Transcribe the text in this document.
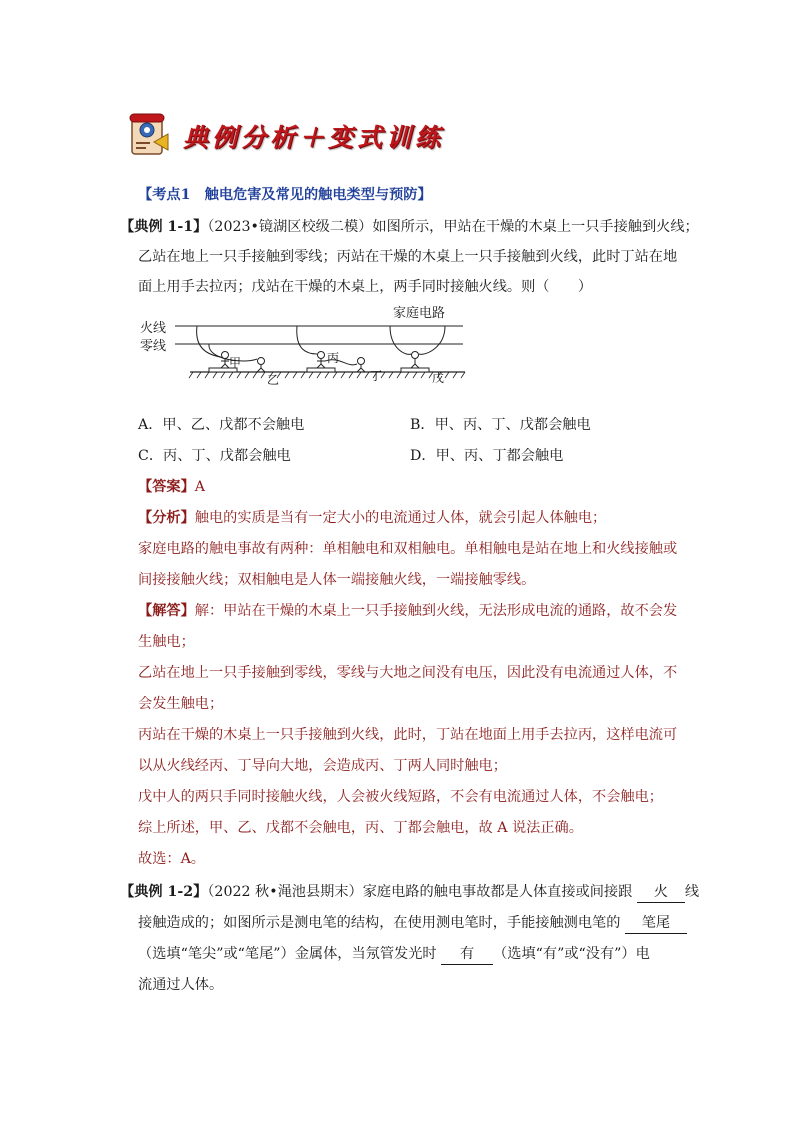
典例分析＋变式训练
【考点1　 触电危害及常见的触电类型与预防】
【典例 1-1】（2023•镜湖区校级二模）如图所示，甲站在干燥的木桌上一只手接触到火线；
乙站在地上一只手接触到零线；丙站在干燥的木桌上一只手接触到火线，此时丁站在地
面上用手去拉丙；戊站在干燥的木桌上，两手同时接触火线。则（　　）
火线
零线
家庭电路
甲
乙
丙
丁	戊
A．甲、乙、戊都不会触电	B．甲、丙、丁、戊都会触电
C．丙、丁、戊都会触电	D．甲、丙、丁都会触电
【答案】A
【分析】触电的实质是当有一定大小的电流通过人体，就会引起人体触电；
家庭电路的触电事故有两种：单相触电和双相触电。单相触电是站在地上和火线接触或
间接接触火线；双相触电是人体一端接触火线，一端接触零线。
【解答】解：甲站在干燥的木桌上一只手接触到火线，无法形成电流的通路，故不会发
生触电；
乙站在地上一只手接触到零线，零线与大地之间没有电压，因此没有电流通过人体，不
会发生触电；
丙站在干燥的木桌上一只手接触到火线，此时，丁站在地面上用手去拉丙，这样电流可
以从火线经丙、丁导向大地，会造成丙、丁两人同时触电；
戊中人的两只手同时接触火线，人会被火线短路，不会有电流通过人体，不会触电；
综上所述，甲、乙、戊都不会触电，丙、丁都会触电，故 A 说法正确。
故选：A。
【典例 1-2】（2022 秋•渑池县期末）家庭电路的触电事故都是人体直接或间接跟 火 线
接触造成的；如图所示是测电笔的结构，在使用测电笔时，手能接触测电笔的 笔尾
（选填“笔尖”或“笔尾”）金属体，当氖管发光时 有 （选填“有”或“没有”）电
流通过人体。
